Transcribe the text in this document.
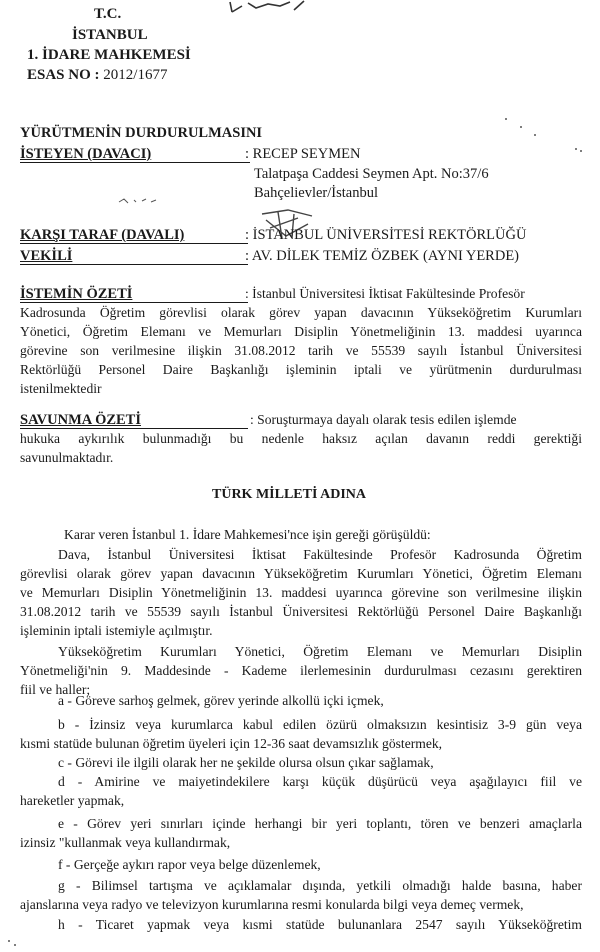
T.C.
İSTANBUL
1. İDARE MAHKEMESİ
ESAS NO : 2012/1677
YÜRÜTMENİN DURDURULMASINI
İSTEYEN (DAVACI)	: RECEP SEYMEN
Talatpaşa Caddesi Seymen Apt. No:37/6
Bahçelievler/İstanbul
KARŞI TARAF (DAVALI)	: İSTANBUL ÜNİVERSİTESİ REKTÖRLÜĞÜ
VEKİLİ	: AV. DİLEK TEMİZ ÖZBEK (AYNI YERDE)
İSTEMİN ÖZETİ	: İstanbul Üniversitesi İktisat Fakültesinde Profesör
Kadrosunda Öğretim görevlisi olarak görev yapan davacının Yükseköğretim Kurumları
Yönetici, Öğretim Elemanı ve Memurları Disiplin Yönetmeliğinin 13. maddesi uyarınca
görevine son verilmesine ilişkin 31.08.2012 tarih ve 55539 sayılı İstanbul Üniversitesi
Rektörlüğü Personel Daire Başkanlığı işleminin iptali ve yürütmenin durdurulması
istenilmektedir
SAVUNMA ÖZETİ	: Soruşturmaya dayalı olarak tesis edilen işlemde
hukuka aykırılık bulunmadığı bu nedenle haksız açılan davanın reddi gerektiği
savunulmaktadır.
TÜRK MİLLETİ ADINA
Karar veren İstanbul 1. İdare Mahkemesi'nce işin gereği görüşüldü:
Dava, İstanbul Üniversitesi İktisat Fakültesinde Profesör Kadrosunda Öğretim
görevlisi olarak görev yapan davacının Yükseköğretim Kurumları Yönetici, Öğretim Elemanı
ve Memurları Disiplin Yönetmeliğinin 13. maddesi uyarınca görevine son verilmesine ilişkin
31.08.2012 tarih ve 55539 sayılı İstanbul Üniversitesi Rektörlüğü Personel Daire Başkanlığı
işleminin iptali istemiyle açılmıştır.
Yükseköğretim Kurumları Yönetici, Öğretim Elemanı ve Memurları Disiplin
Yönetmeliği'nin 9. Maddesinde - Kademe ilerlemesinin durdurulması cezasını gerektiren
fiil ve haller;
a - Göreve sarhoş gelmek, görev yerinde alkollü içki içmek,
b - İzinsiz veya kurumlarca kabul edilen özürü olmaksızın kesintisiz 3-9 gün veya
kısmi statüde bulunan öğretim üyeleri için 12-36 saat devamsızlık göstermek,
c - Görevi ile ilgili olarak her ne şekilde olursa olsun çıkar sağlamak,
d - Amirine ve maiyetindekilere karşı küçük düşürücü veya aşağılayıcı fiil ve
hareketler yapmak,
e - Görev yeri sınırları içinde herhangi bir yeri toplantı, tören ve benzeri amaçlarla
izinsiz "kullanmak veya kullandırmak,
f - Gerçeğe aykırı rapor veya belge düzenlemek,
g - Bilimsel tartışma ve açıklamalar dışında, yetkili olmadığı halde basına, haber
ajanslarına veya radyo ve televizyon kurumlarına resmi konularda bilgi veya demeç vermek,
h - Ticaret yapmak veya kısmi statüde bulunanlara 2547 sayılı Yükseköğretim
